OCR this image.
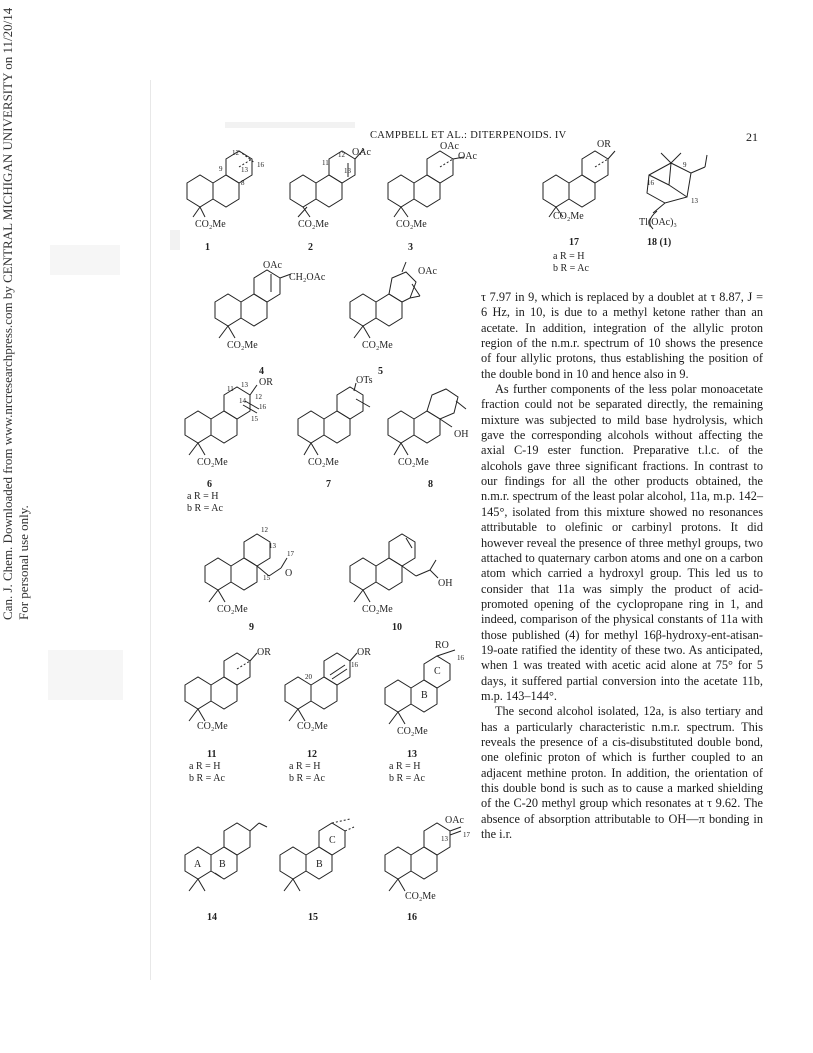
CAMPBELL ET AL.: DITERPENOIDS. IV	21
Can. J. Chem. Downloaded from www.nrcresearchpress.com by CENTRAL MICHIGAN UNIVERSITY on 11/20/14 For personal use only.
12
16
9	13
8
CO₂Me
1
12 OAc
11
13
CO₂Me
2
OAc
OAc
CO₂Me
3
OAc
CH₂OAc
CO₂Me
4
OAc
CO₂Me
5
11 13 OR
12
14
16
15
CO₂Me
6
a R = H
b R = Ac
OTs
CO₂Me
7
OH
CO₂Me
8
12
13
17
15 O
CO₂Me
9
OH
CO₂Me
10
OR
CO₂Me
11
a R = H
b R = Ac
OR
20
16
CO₂Me
12
a R = H
b R = Ac
RO
16
C
B
CO₂Me
13
a R = H
b R = Ac
A B
14
C
B
15
OAc
17
13
CO₂Me
16
OR
CO₂Me
17
a R = H
b R = Ac
9
16
13
Tl(OAc)₃
18 (1)

τ 7.97 in 9, which is replaced by a doublet at τ 8.87, J = 6 Hz, in 10, is due to a methyl ketone rather than an acetate. In addition, integration of the allylic proton region of the n.m.r. spectrum of 10 shows the presence of four allylic protons, thus establishing the position of the double bond in 10 and hence also in 9.

As further components of the less polar monoacetate fraction could not be separated directly, the remaining mixture was subjected to mild base hydrolysis, which gave the corresponding alcohols without affecting the axial C-19 ester function. Preparative t.l.c. of the alcohols gave three significant fractions. In contrast to our findings for all the other products obtained, the n.m.r. spectrum of the least polar alcohol, 11a, m.p. 142–145°, isolated from this mixture showed no resonances attributable to olefinic or carbinyl protons. It did however reveal the presence of three methyl groups, two attached to quaternary carbon atoms and one on a carbon atom which carried a hydroxyl group. This led us to consider that 11a was simply the product of acid-promoted opening of the cyclopropane ring in 1, and indeed, comparison of the physical constants of 11a with those published (4) for methyl 16β-hydroxy-ent-atisan-19-oate ratified the identity of these two. As anticipated, when 1 was treated with acetic acid alone at 75° for 5 days, it suffered partial conversion into the acetate 11b, m.p. 143–144°.

The second alcohol isolated, 12a, is also tertiary and has a particularly characteristic n.m.r. spectrum. This reveals the presence of a cis-disubstituted double bond, one olefinic proton of which is further coupled to an adjacent methine proton. In addition, the orientation of this double bond is such as to cause a marked shielding of the C-20 methyl group which resonates at τ 9.62. The absence of absorption attributable to OH—π bonding in the i.r.
